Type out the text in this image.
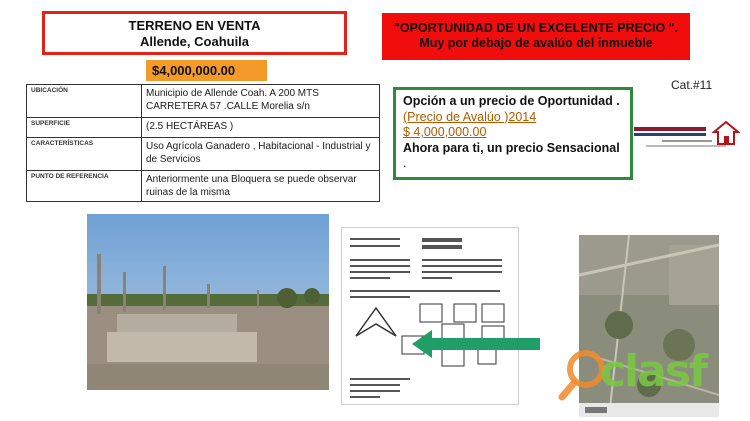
TERRENO EN VENTA
Allende, Coahuila
$4,000,000.00
"OPORTUNIDAD DE UN EXCELENTE PRECIO ".
Muy por debajo de avalúo del inmueble
Cat.#11
UBICACIÓN	Municipio de Allende Coah. A 200 MTS CARRETERA 57 .CALLE Morelia s/n
SUPERFICIE	(2.5 HECTÁREAS )
CARACTERÍSTICAS	Uso Agrícola Ganadero , Habitacional - Industrial y de Servicios
PUNTO DE REFERENCIA	Anteriormente una Bloquera se puede observar ruinas de la misma
Opción a un precio de Oportunidad .
(Precio de Avalúo )2014
$ 4,000,000.00
Ahora para ti, un precio Sensacional
.
clasf
